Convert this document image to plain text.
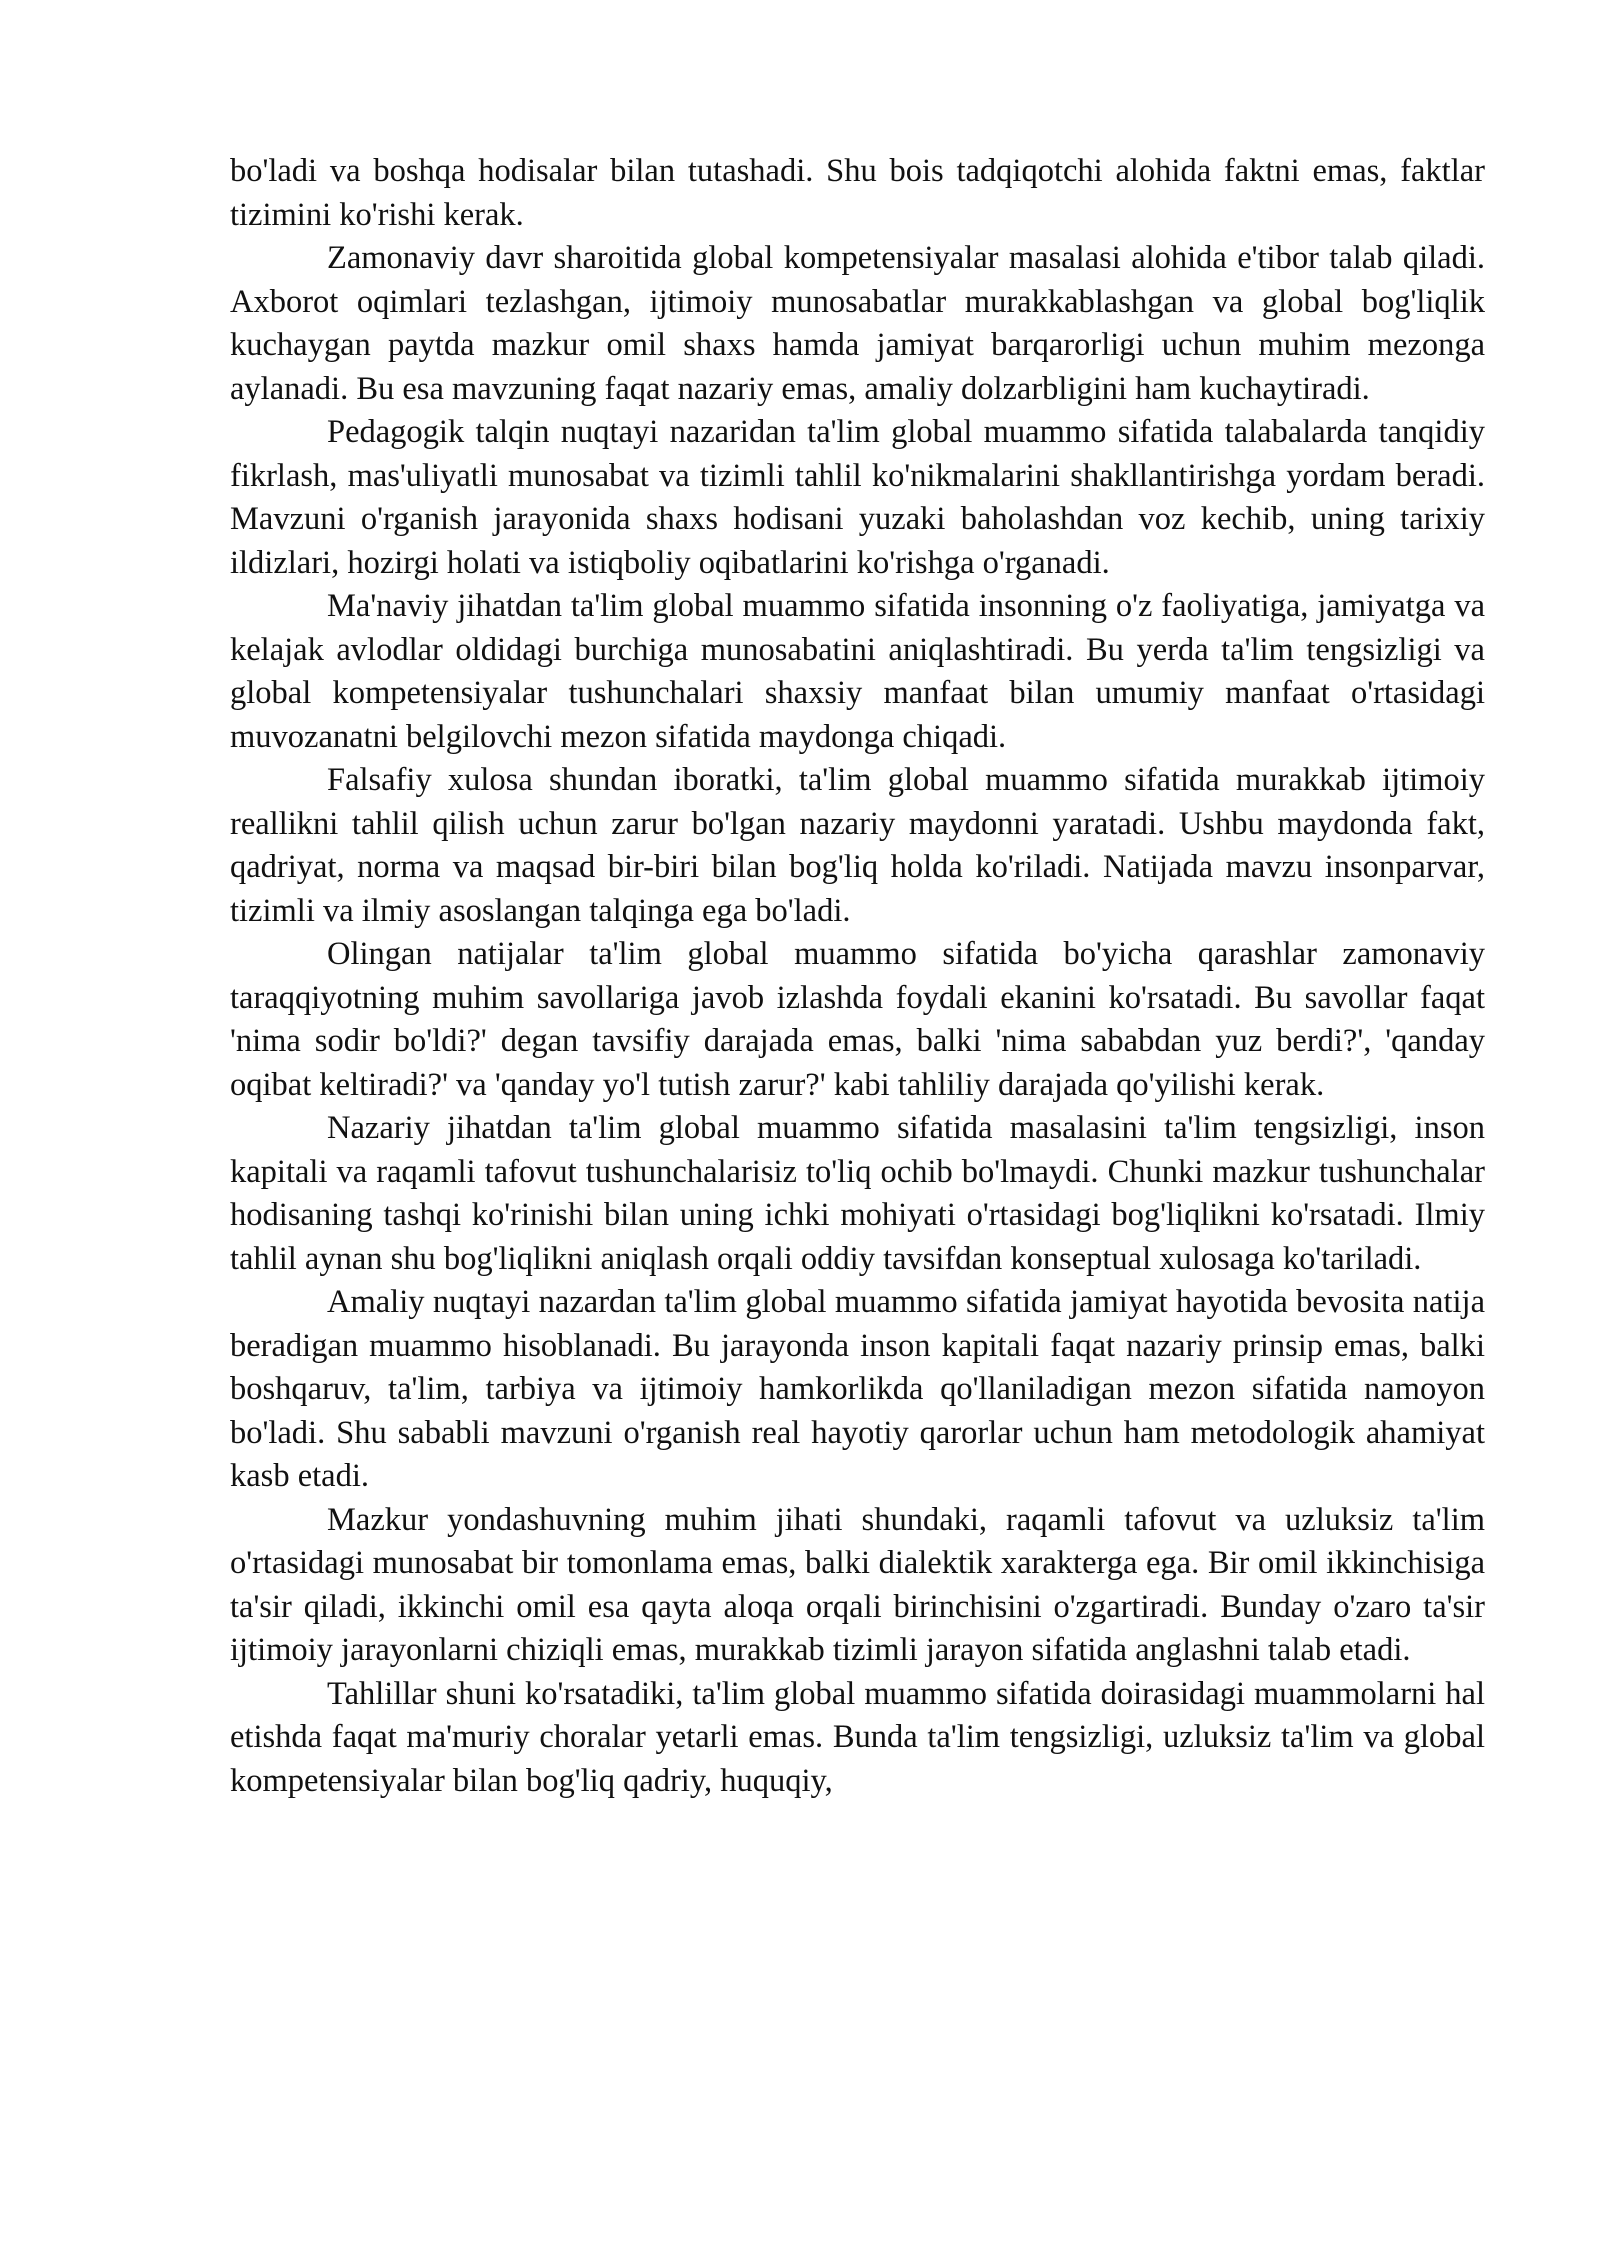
bo'ladi va boshqa hodisalar bilan tutashadi. Shu bois tadqiqotchi alohida faktni emas, faktlar tizimini ko'rishi kerak.

Zamonaviy davr sharoitida global kompetensiyalar masalasi alohida e'tibor talab qiladi. Axborot oqimlari tezlashgan, ijtimoiy munosabatlar murakkablashgan va global bog'liqlik kuchaygan paytda mazkur omil shaxs hamda jamiyat barqarorligi uchun muhim mezonga aylanadi. Bu esa mavzuning faqat nazariy emas, amaliy dolzarbligini ham kuchaytiradi.

Pedagogik talqin nuqtayi nazaridan ta'lim global muammo sifatida talabalarda tanqidiy fikrlash, mas'uliyatli munosabat va tizimli tahlil ko'nikmalarini shakllantirishga yordam beradi. Mavzuni o'rganish jarayonida shaxs hodisani yuzaki baholashdan voz kechib, uning tarixiy ildizlari, hozirgi holati va istiqboliy oqibatlarini ko'rishga o'rganadi.

Ma'naviy jihatdan ta'lim global muammo sifatida insonning o'z faoliyatiga, jamiyatga va kelajak avlodlar oldidagi burchiga munosabatini aniqlashtiradi. Bu yerda ta'lim tengsizligi va global kompetensiyalar tushunchalari shaxsiy manfaat bilan umumiy manfaat o'rtasidagi muvozanatni belgilovchi mezon sifatida maydonga chiqadi.

Falsafiy xulosa shundan iboratki, ta'lim global muammo sifatida murakkab ijtimoiy reallikni tahlil qilish uchun zarur bo'lgan nazariy maydonni yaratadi. Ushbu maydonda fakt, qadriyat, norma va maqsad bir-biri bilan bog'liq holda ko'riladi. Natijada mavzu insonparvar, tizimli va ilmiy asoslangan talqinga ega bo'ladi.

Olingan natijalar ta'lim global muammo sifatida bo'yicha qarashlar zamonaviy taraqqiyotning muhim savollariga javob izlashda foydali ekanini ko'rsatadi. Bu savollar faqat 'nima sodir bo'ldi?' degan tavsifiy darajada emas, balki 'nima sababdan yuz berdi?', 'qanday oqibat keltiradi?' va 'qanday yo'l tutish zarur?' kabi tahliliy darajada qo'yilishi kerak.

Nazariy jihatdan ta'lim global muammo sifatida masalasini ta'lim tengsizligi, inson kapitali va raqamli tafovut tushunchalarisiz to'liq ochib bo'lmaydi. Chunki mazkur tushunchalar hodisaning tashqi ko'rinishi bilan uning ichki mohiyati o'rtasidagi bog'liqlikni ko'rsatadi. Ilmiy tahlil aynan shu bog'liqlikni aniqlash orqali oddiy tavsifdan konseptual xulosaga ko'tariladi.

Amaliy nuqtayi nazardan ta'lim global muammo sifatida jamiyat hayotida bevosita natija beradigan muammo hisoblanadi. Bu jarayonda inson kapitali faqat nazariy prinsip emas, balki boshqaruv, ta'lim, tarbiya va ijtimoiy hamkorlikda qo'llaniladigan mezon sifatida namoyon bo'ladi. Shu sababli mavzuni o'rganish real hayotiy qarorlar uchun ham metodologik ahamiyat kasb etadi.

Mazkur yondashuvning muhim jihati shundaki, raqamli tafovut va uzluksiz ta'lim o'rtasidagi munosabat bir tomonlama emas, balki dialektik xarakterga ega. Bir omil ikkinchisiga ta'sir qiladi, ikkinchi omil esa qayta aloqa orqali birinchisini o'zgartiradi. Bunday o'zaro ta'sir ijtimoiy jarayonlarni chiziqli emas, murakkab tizimli jarayon sifatida anglashni talab etadi.

Tahlillar shuni ko'rsatadiki, ta'lim global muammo sifatida doirasidagi muammolarni hal etishda faqat ma'muriy choralar yetarli emas. Bunda ta'lim tengsizligi, uzluksiz ta'lim va global kompetensiyalar bilan bog'liq qadriy, huquqiy,
